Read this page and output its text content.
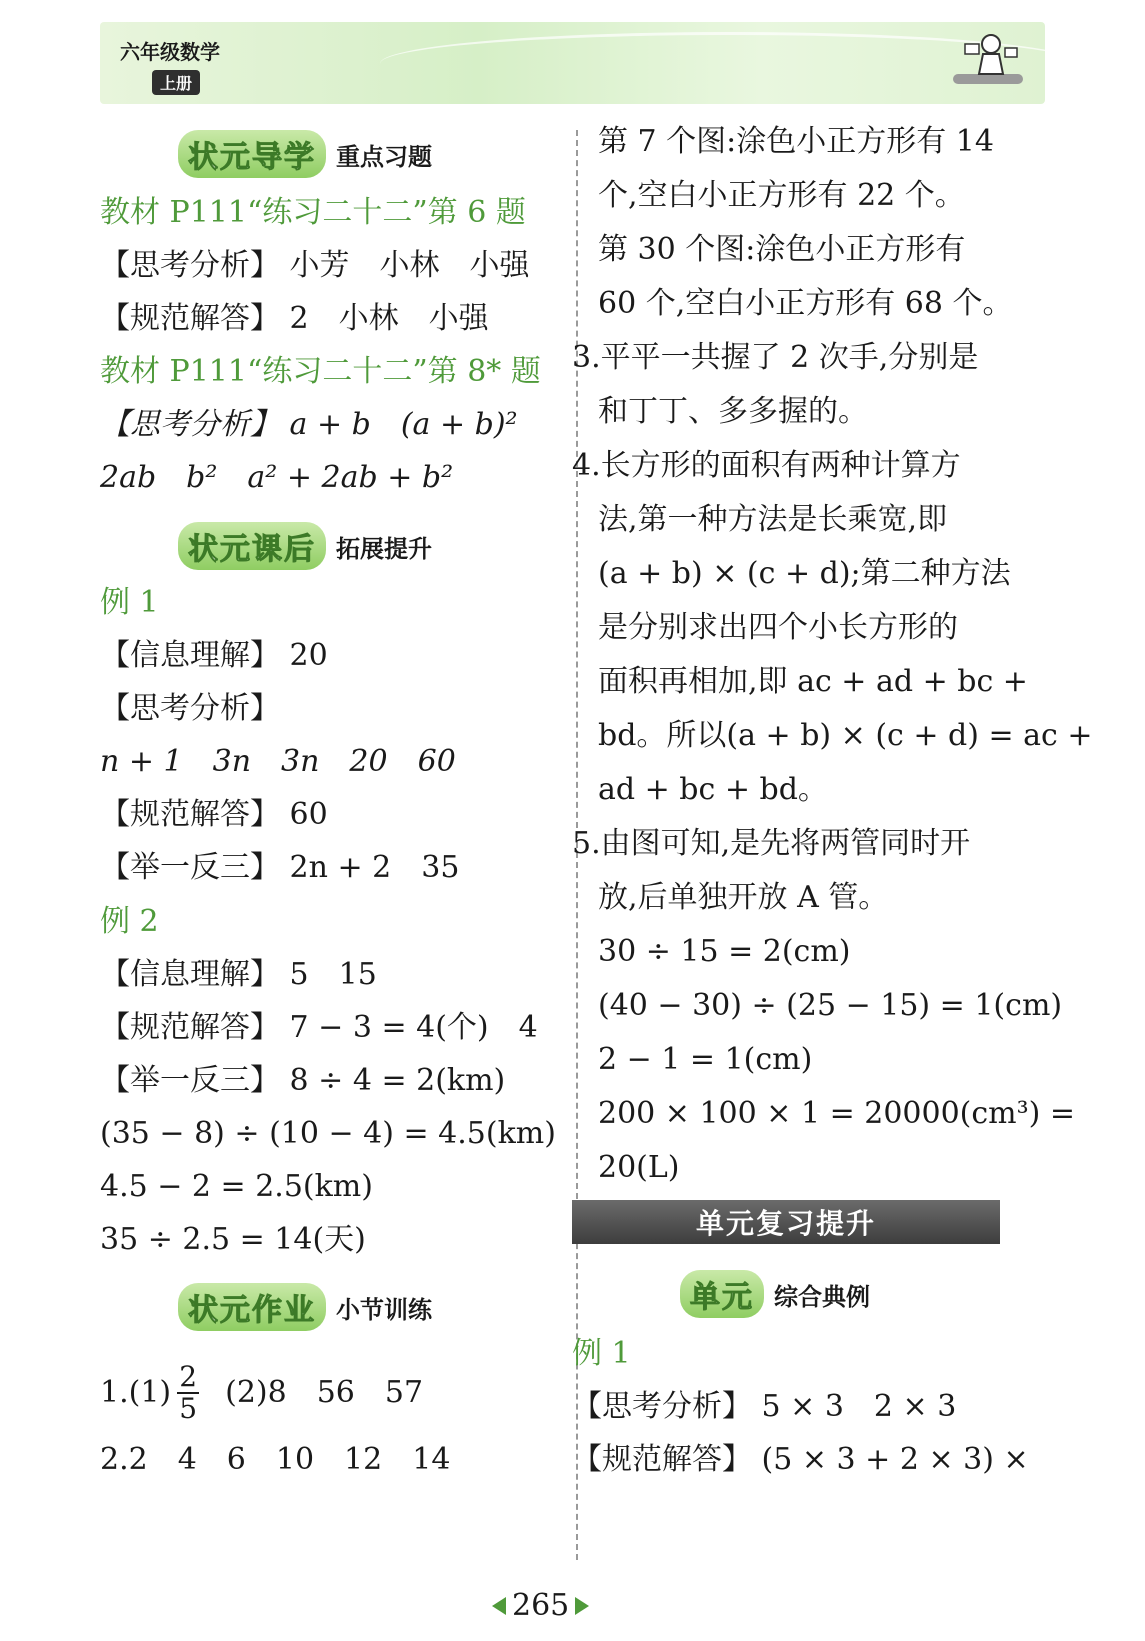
六年级数学
上册
状元导学 重点习题
教材 P111“练习二十二”第 6 题
【思考分析】 小芳　小林　小强
【规范解答】 2　小林　小强
教材 P111“练习二十二”第 8* 题
【思考分析】 a + b　(a + b)²
2ab　b²　a² + 2ab + b²
状元课后 拓展提升
例 1
【信息理解】 20
【思考分析】
n + 1　3n　3n　20　60
【规范解答】 60
【举一反三】 2n + 2　35
例 2
【信息理解】 5　15
【规范解答】 7 − 3 = 4(个)　4
【举一反三】 8 ÷ 4 = 2(km)
(35 − 8) ÷ (10 − 4) = 4.5(km)
4.5 − 2 = 2.5(km)
35 ÷ 2.5 = 14(天)
状元作业 小节训练
$1.(1) \frac{2}{5} (2)8$　56　57
2.2　4　6　10　12　14
第 7 个图:涂色小正方形有 14
个,空白小正方形有 22 个。
第 30 个图:涂色小正方形有
60 个,空白小正方形有 68 个。
3.平平一共握了 2 次手,分别是
和丁丁、多多握的。
4.长方形的面积有两种计算方
法,第一种方法是长乘宽,即
(a + b) × (c + d);第二种方法
是分别求出四个小长方形的
面积再相加,即 ac + ad + bc +
bd。所以(a + b) × (c + d) = ac +
ad + bc + bd。
5.由图可知,是先将两管同时开
放,后单独开放 A 管。
30 ÷ 15 = 2(cm)
(40 − 30) ÷ (25 − 15) = 1(cm)
2 − 1 = 1(cm)
200 × 100 × 1 = 20000(cm³) =
20(L)
单元复习提升
单元 综合典例
例 1
【思考分析】 5 × 3　2 × 3
【规范解答】 (5 × 3 + 2 × 3) ×
265
